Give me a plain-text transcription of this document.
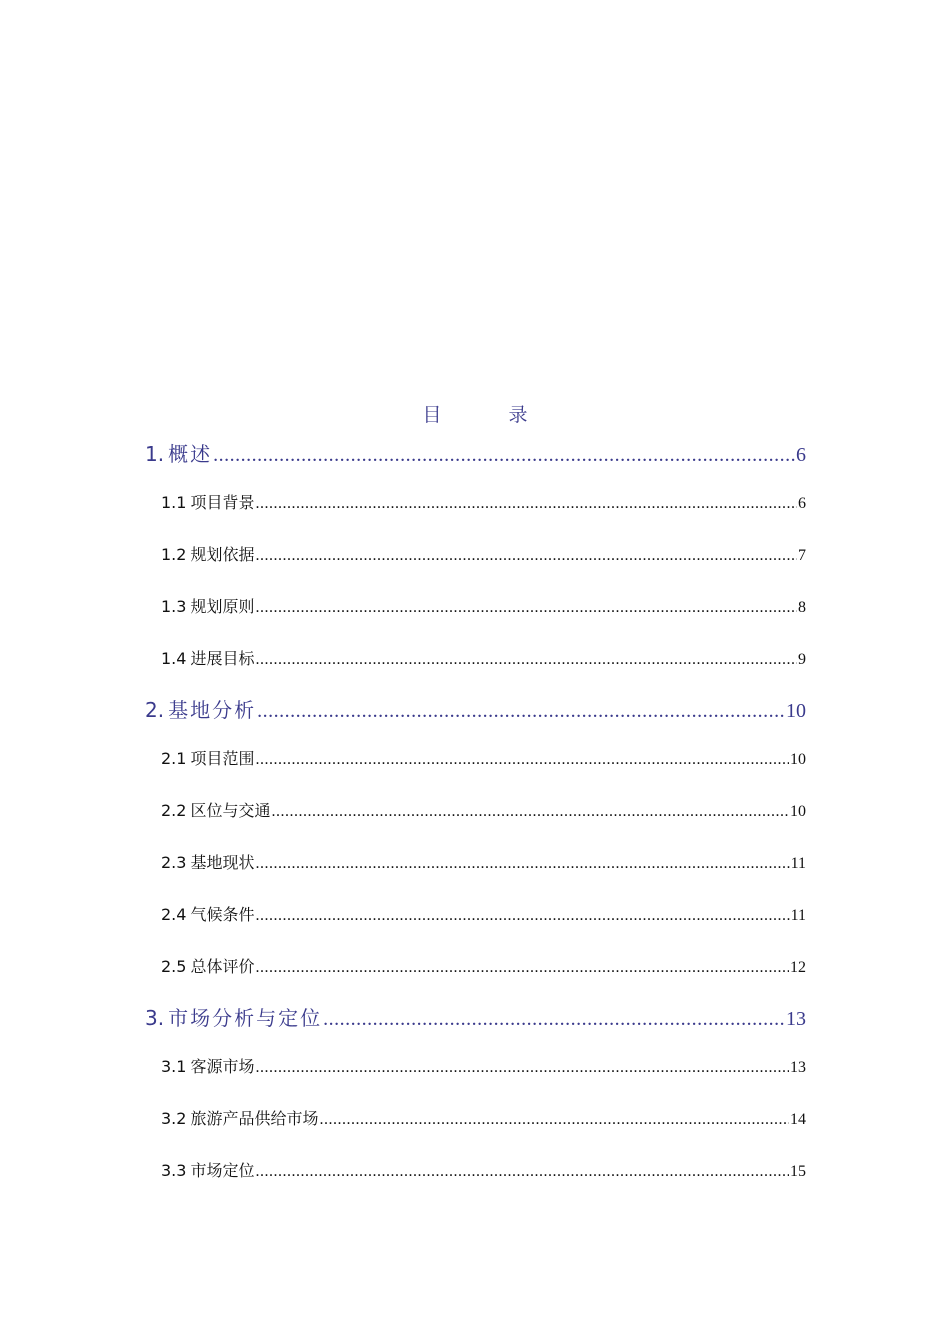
目　录
1. 概述 .....	6
1.1 项目背景 .....	6
1.2 规划依据 .....	7
1.3 规划原则 .....	8
1.4 进展目标 .....	9
2. 基地分析 .....	10
2.1 项目范围 .....	10
2.2 区位与交通 .....	10
2.3 基地现状 .....	11
2.4 气候条件 .....	11
2.5 总体评价 .....	12
3. 市场分析与定位 .....	13
3.1 客源市场 .....	13
3.2 旅游产品供给市场 .....	14
3.3 市场定位 .....	15
